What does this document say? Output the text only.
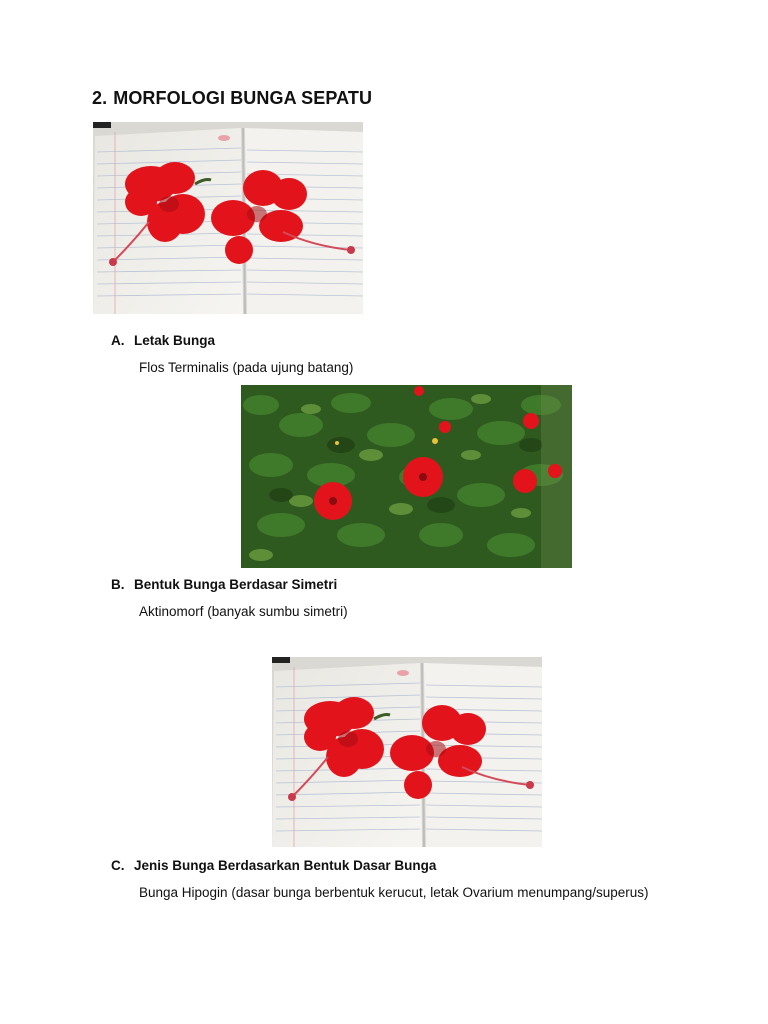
2. MORFOLOGI BUNGA SEPATU
A. Letak Bunga
Flos Terminalis (pada ujung batang)
B. Bentuk Bunga Berdasar Simetri
Aktinomorf (banyak sumbu simetri)
C. Jenis Bunga Berdasarkan Bentuk Dasar Bunga
Bunga Hipogin (dasar bunga berbentuk kerucut, letak Ovarium menumpang/superus)
